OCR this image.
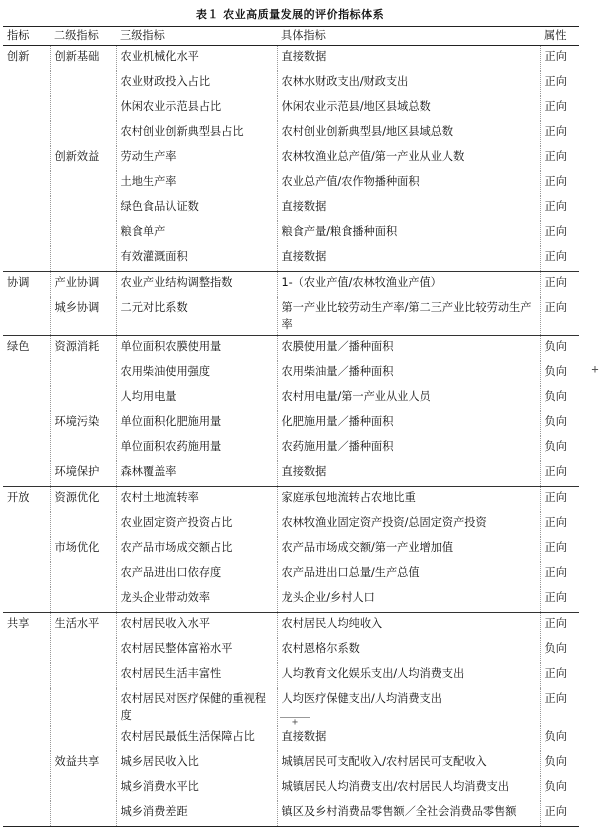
表１ 农业高质量发展的评价指标体系
指标	二级指标	三级指标	具体指标	属性
创新	创新基础	农业机械化水平	直接数据	正向
		农业财政投入占比	农林水财政支出/财政支出	正向
		休闲农业示范县占比	休闲农业示范县/地区县域总数	正向
		农村创业创新典型县占比	农村创业创新典型县/地区县域总数	正向
	创新效益	劳动生产率	农林牧渔业总产值/第一产业从业人数	正向
		土地生产率	农业总产值/农作物播种面积	正向
		绿色食品认证数	直接数据	正向
		粮食单产	粮食产量/粮食播种面积	正向
		有效灌溉面积	直接数据	正向
协调	产业协调	农业产业结构调整指数	1-（农业产值/农林牧渔业产值）	正向
	城乡协调	二元对比系数	第一产业比较劳动生产率/第二三产业比较劳动生产率	正向
绿色	资源消耗	单位面积农膜使用量	农膜使用量／播种面积	负向
		农用柴油使用强度	农用柴油量／播种面积	负向
		人均用电量	农村用电量/第一产业从业人员	负向
	环境污染	单位面积化肥施用量	化肥施用量／播种面积	负向
		单位面积农药施用量	农药施用量／播种面积	负向
	环境保护	森林覆盖率	直接数据	正向
开放	资源优化	农村土地流转率	家庭承包地流转占农地比重	正向
		农业固定资产投资占比	农林牧渔业固定资产投资/总固定资产投资	正向
	市场优化	农产品市场成交额占比	农产品市场成交额/第一产业增加值	正向
		农产品进出口依存度	农产品进出口总量/生产总值	正向
		龙头企业带动效率	龙头企业/乡村人口	正向
共享	生活水平	农村居民收入水平	农村居民人均纯收入	正向
		农村居民整体富裕水平	农村恩格尔系数	负向
		农村居民生活丰富性	人均教育文化娱乐支出/人均消费支出	正向
		农村居民对医疗保健的重视程度	人均医疗保健支出/人均消费支出	正向
		农村居民最低生活保障占比	直接数据	负向
	效益共享	城乡居民收入比	城镇居民可支配收入/农村居民可支配收入	负向
		城乡消费水平比	城镇居民人均消费支出/农村居民人均消费支出	负向
		城乡消费差距	镇区及乡村消费品零售额／全社会消费品零售额	正向
+
+
